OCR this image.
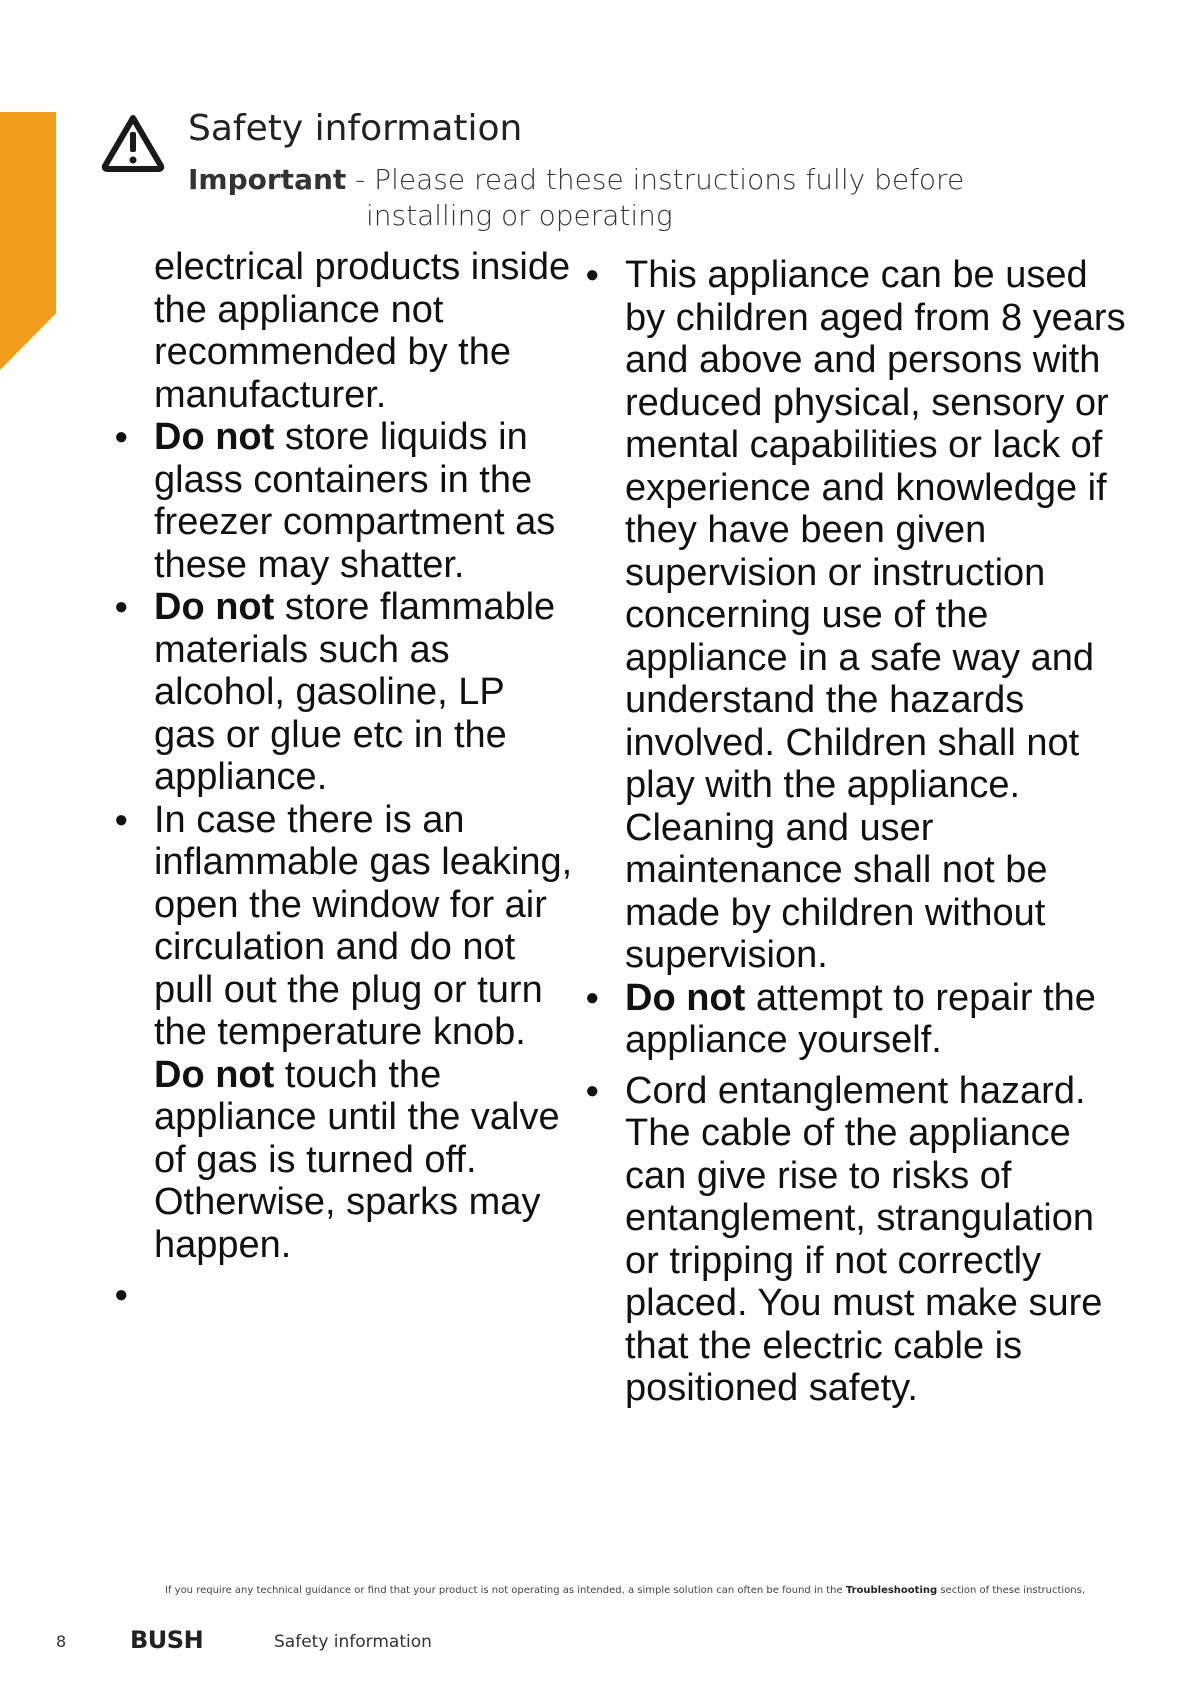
Safety information

Important - Please read these instructions fully before
installing or operating

electrical products inside the appliance not recommended by the manufacturer.

● Do not store liquids in glass containers in the freezer compartment as these may shatter.
● Do not store flammable materials such as alcohol, gasoline, LP gas or glue etc in the appliance.
● In case there is an inflammable gas leaking, open the window for air circulation and do not pull out the plug or turn the temperature knob. Do not touch the appliance until the valve of gas is turned off. Otherwise, sparks may happen.
●
● This appliance can be used by children aged from 8 years and above and persons with reduced physical, sensory or mental capabilities or lack of experience and knowledge if they have been given supervision or instruction concerning use of the appliance in a safe way and understand the hazards involved. Children shall not play with the appliance. Cleaning and user maintenance shall not be made by children without supervision.
● Do not attempt to repair the appliance yourself.
● Cord entanglement hazard. The cable of the appliance can give rise to risks of entanglement, strangulation or tripping if not correctly placed. You must make sure that the electric cable is positioned safety.
If you require any technical guidance or find that your product is not operating as intended, a simple solution can often be found in the Troubleshooting section of these instructions,
8	BUSH	Safety information
